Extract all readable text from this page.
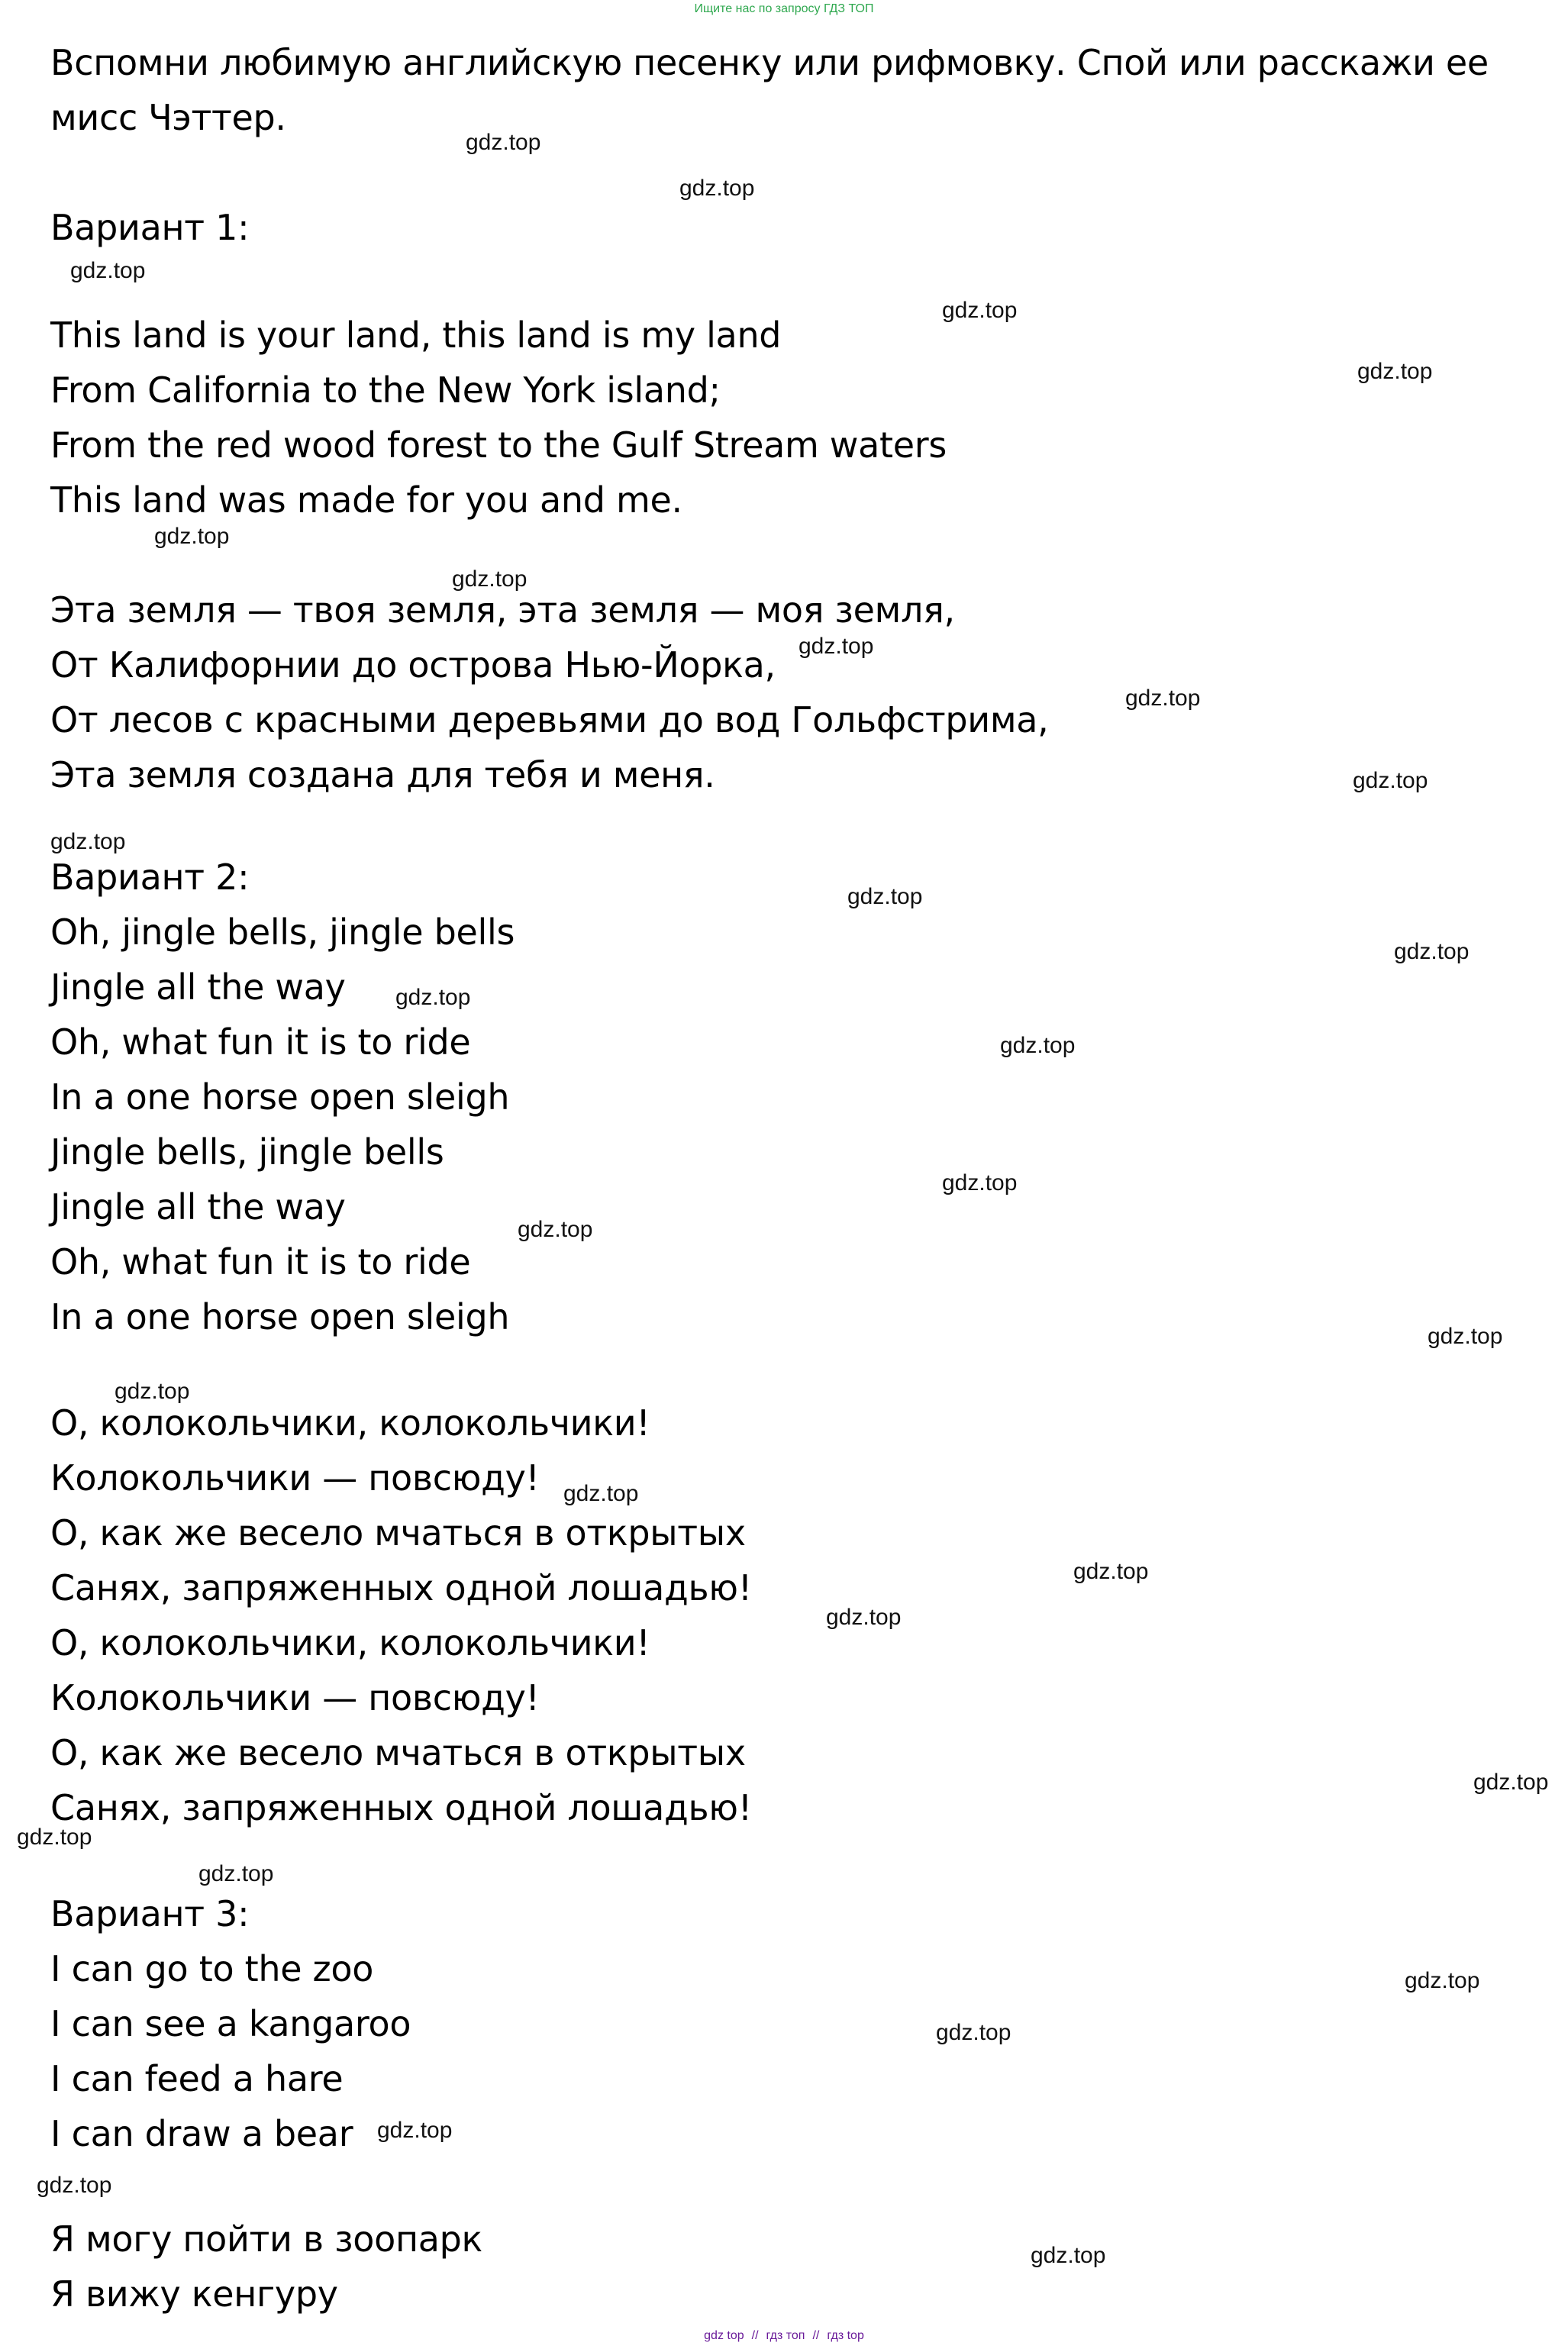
Ищите нас по запросу ГДЗ ТОП
Вспомни любимую английскую песенку или рифмовку. Спой или расскажи ее мисс Чэттер.
Вариант 1:
This land is your land, this land is my land
From California to the New York island;
From the red wood forest to the Gulf Stream waters
This land was made for you and me.
Эта земля — твоя земля, эта земля — моя земля,
От Калифорнии до острова Нью-Йорка,
От лесов с красными деревьями до вод Гольфстрима,
Эта земля создана для тебя и меня.
Вариант 2:
Oh, jingle bells, jingle bells
Jingle all the way
Oh, what fun it is to ride
In a one horse open sleigh
Jingle bells, jingle bells
Jingle all the way
Oh, what fun it is to ride
In a one horse open sleigh
О, колокольчики, колокольчики!
Колокольчики — повсюду!
О, как же весело мчаться в открытых
Санях, запряженных одной лошадью!
О, колокольчики, колокольчики!
Колокольчики — повсюду!
О, как же весело мчаться в открытых
Санях, запряженных одной лошадью!
Вариант 3:
I can go to the zoo
I can see a kangaroo
I can feed a hare
I can draw a bear
Я могу пойти в зоопарк
Я вижу кенгуру
gdz.top
gdz.top
gdz.top
gdz.top
gdz.top
gdz.top
gdz.top
gdz.top
gdz.top
gdz.top
gdz.top
gdz.top
gdz.top
gdz.top
gdz.top
gdz.top
gdz.top
gdz.top
gdz.top
gdz.top
gdz.top
gdz.top
gdz.top
gdz.top
gdz.top
gdz.top
gdz.top
gdz.top
gdz.top
gdz.top
gdz top // гдз топ // гдз top
